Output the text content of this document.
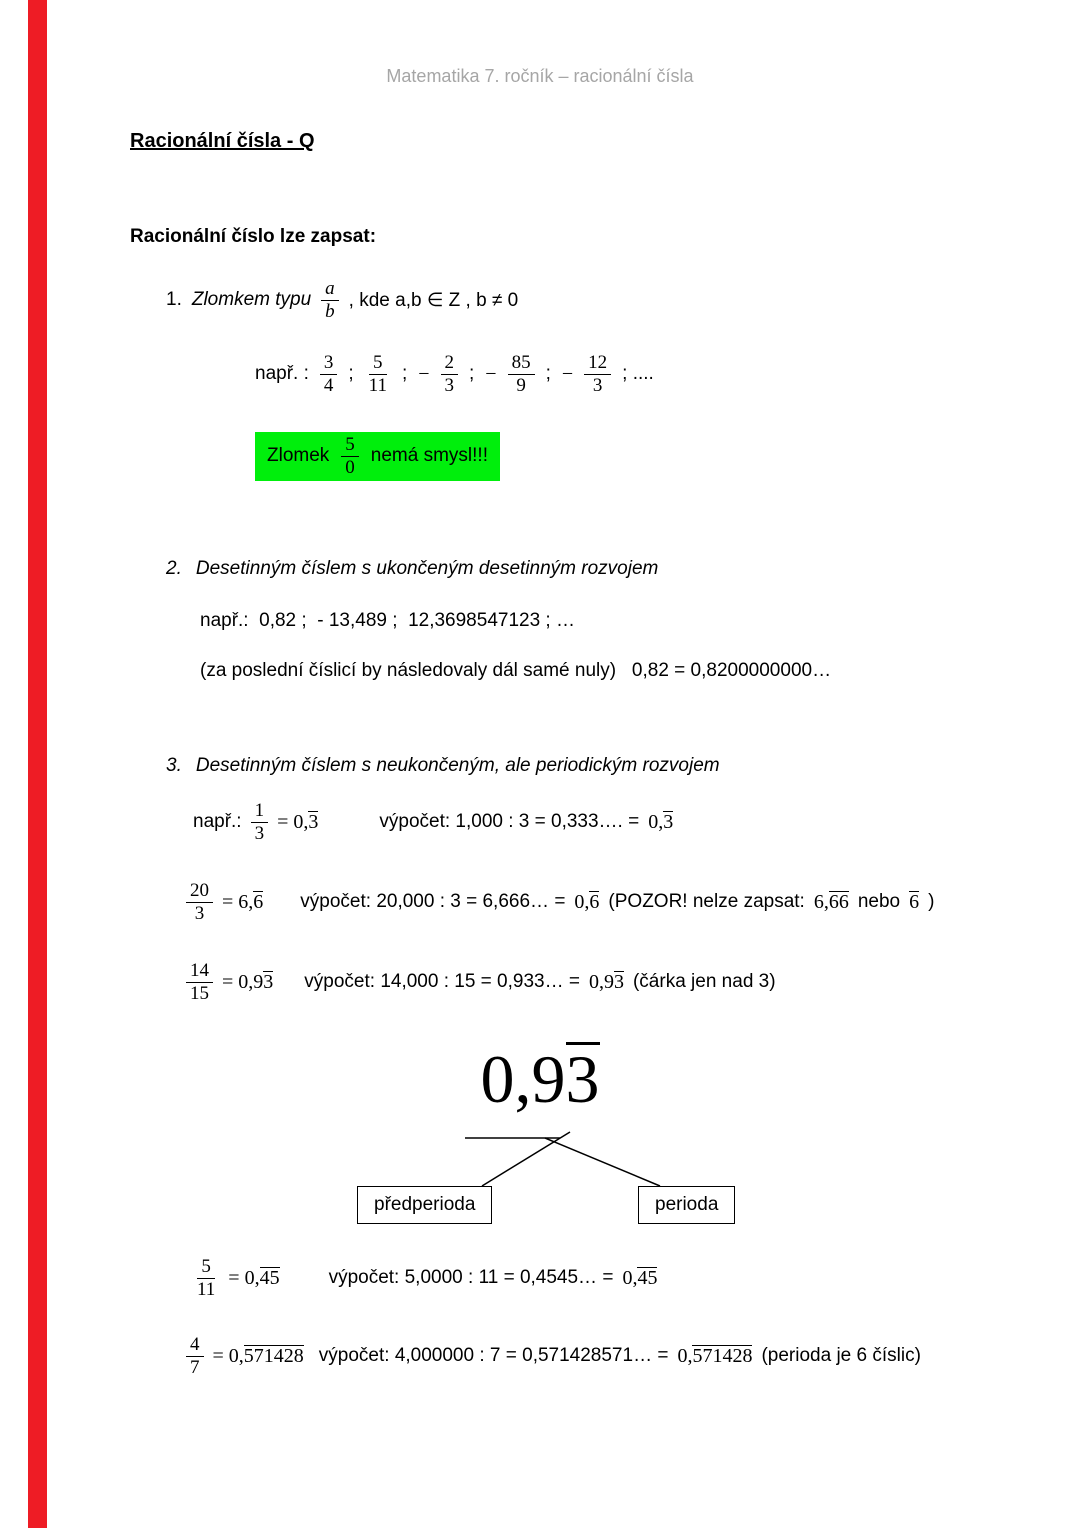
Matematika 7. ročník – racionální čísla
Racionální čísla - Q
Racionální číslo lze zapsat:
1. Zlomkem typu $\frac{a}{b}$ , kde a,b ∈ Z , b ≠ 0
např. : $\frac{3}{4}$ ; $\frac{5}{11}$ ; − $\frac{2}{3}$ ; − $\frac{85}{9}$ ; − $\frac{12}{3}$ ; ....
Zlomek $\frac{5}{0}$ nemá smysl!!!
2. Desetinným číslem s ukončeným desetinným rozvojem
např.:  0,82 ;  - 13,489 ;  12,3698547123 ; …
(za poslední číslicí by následovaly dál samé nuly)   0,82 = 0,8200000000…
3. Desetinným číslem s neukončeným, ale periodickým rozvojem
např.: $\frac{1}{3} = 0,3$	výpočet: 1,000 : 3 = 0,333…. = 0,3
$\frac{20}{3} = 6,6$ výpočet: 20,000 : 3 = 6,666… = 0,6 (POZOR! nelze zapsat: 6,66 nebo 6 )
$\frac{14}{15} = 0,93$ výpočet: 14,000 : 15 = 0,933… = 0,93 (čárka jen nad 3)
0,93
předperioda	perioda
$\frac{5}{11} = 0,45$	výpočet: 5,0000 : 11 = 0,4545… = 0,45
$\frac{4}{7} = 0,571428$ výpočet: 4,000000 : 7 = 0,571428571… = 0,571428 (perioda je 6 číslic)
